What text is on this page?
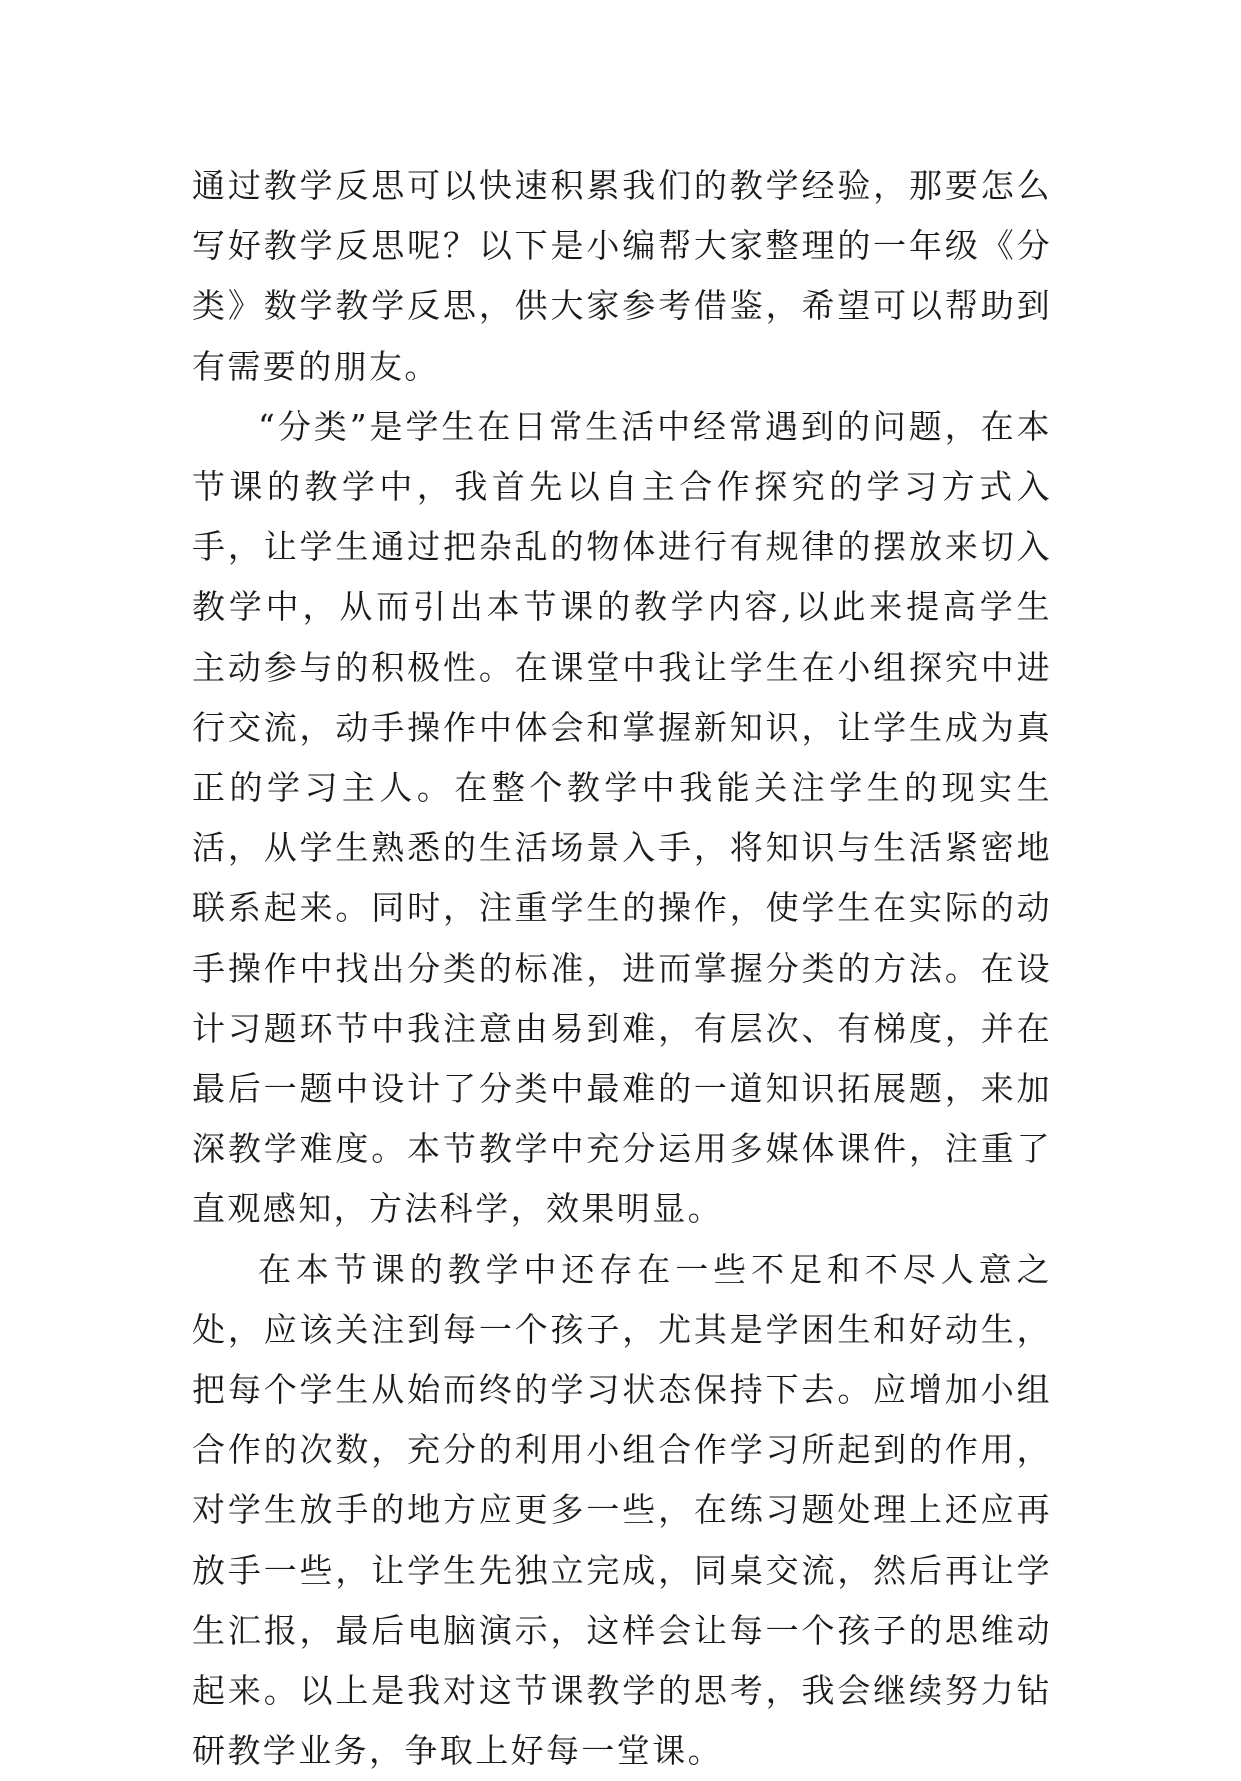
通过教学反思可以快速积累我们的教学经验，那要怎么写好教学反思呢？以下是小编帮大家整理的一年级《分类》数学教学反思，供大家参考借鉴，希望可以帮助到有需要的朋友。

“分类”是学生在日常生活中经常遇到的问题，在本节课的教学中，我首先以自主合作探究的学习方式入手，让学生通过把杂乱的物体进行有规律的摆放来切入教学中，从而引出本节课的教学内容,以此来提高学生主动参与的积极性。在课堂中我让学生在小组探究中进行交流，动手操作中体会和掌握新知识，让学生成为真正的学习主人。在整个教学中我能关注学生的现实生活，从学生熟悉的生活场景入手，将知识与生活紧密地联系起来。同时，注重学生的操作，使学生在实际的动手操作中找出分类的标准，进而掌握分类的方法。在设计习题环节中我注意由易到难，有层次、有梯度，并在最后一题中设计了分类中最难的一道知识拓展题，来加深教学难度。本节教学中充分运用多媒体课件，注重了直观感知，方法科学，效果明显。

在本节课的教学中还存在一些不足和不尽人意之处，应该关注到每一个孩子，尤其是学困生和好动生，把每个学生从始而终的学习状态保持下去。应增加小组合作的次数，充分的利用小组合作学习所起到的作用，对学生放手的地方应更多一些，在练习题处理上还应再放手一些，让学生先独立完成，同桌交流，然后再让学生汇报，最后电脑演示，这样会让每一个孩子的思维动起来。以上是我对这节课教学的思考，我会继续努力钻研教学业务，争取上好每一堂课。
